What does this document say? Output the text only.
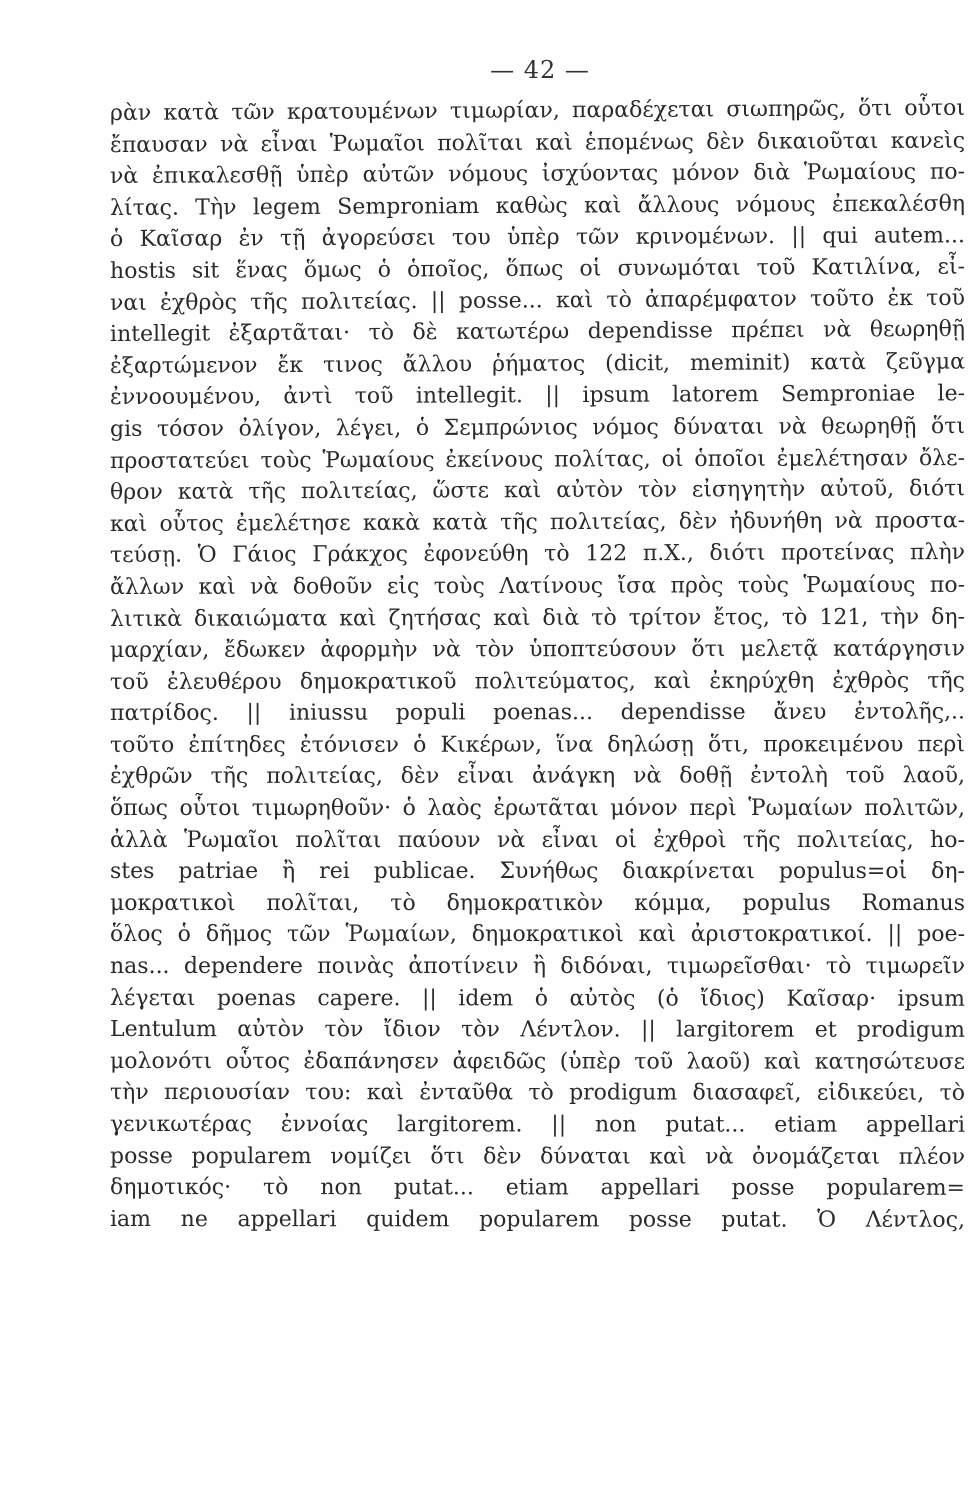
— 42 —
ρὰν κατὰ τῶν κρατουμένων τιμωρίαν, παραδέχεται σιωπηρῶς, ὅτι οὗτοι
ἔπαυσαν νὰ εἶναι Ῥωμαῖοι πολῖται καὶ ἑπομένως δὲν δικαιοῦται κανεὶς
νὰ ἐπικαλεσθῇ ὑπὲρ αὐτῶν νόμους ἰσχύοντας μόνον διὰ Ῥωμαίους πο-
λίτας. Τὴν legem Semproniam καθὼς καὶ ἄλλους νόμους ἐπεκαλέσθη
ὁ Καῖσαρ ἐν τῇ ἀγορεύσει του ὑπὲρ τῶν κρινομένων. || qui autem...
hostis sit ἕνας ὅμως ὁ ὁποῖος, ὅπως οἱ συνωμόται τοῦ Κατιλίνα, εἶ-
ναι ἐχθρὸς τῆς πολιτείας. || posse... καὶ τὸ ἀπαρέμφατον τοῦτο ἐκ τοῦ
intellegit ἐξαρτᾶται· τὸ δὲ κατωτέρω dependisse πρέπει νὰ θεωρηθῇ
ἐξαρτώμενον ἔκ τινος ἄλλου ῥήματος (dicit, meminit) κατὰ ζεῦγμα
ἐννοουμένου, ἀντὶ τοῦ intellegit. || ipsum latorem Semproniae le-
gis τόσον ὀλίγον, λέγει, ὁ Σεμπρώνιος νόμος δύναται νὰ θεωρηθῇ ὅτι
προστατεύει τοὺς Ῥωμαίους ἐκείνους πολίτας, οἱ ὁποῖοι ἐμελέτησαν ὄλε-
θρον κατὰ τῆς πολιτείας, ὥστε καὶ αὐτὸν τὸν εἰσηγητὴν αὐτοῦ, διότι
καὶ οὗτος ἐμελέτησε κακὰ κατὰ τῆς πολιτείας, δὲν ἠδυνήθη νὰ προστα-
τεύσῃ. Ὁ Γάιος Γράκχος ἐφονεύθη τὸ 122 π.Χ., διότι προτείνας πλὴν
ἄλλων καὶ νὰ δοθοῦν εἰς τοὺς Λατίνους ἴσα πρὸς τοὺς Ῥωμαίους πο-
λιτικὰ δικαιώματα καὶ ζητήσας καὶ διὰ τὸ τρίτον ἔτος, τὸ 121, τὴν δη-
μαρχίαν, ἔδωκεν ἀφορμὴν νὰ τὸν ὑποπτεύσουν ὅτι μελετᾷ κατάργησιν
τοῦ ἐλευθέρου δημοκρατικοῦ πολιτεύματος, καὶ ἐκηρύχθη ἐχθρὸς τῆς
πατρίδος. || iniussu populi poenas... dependisse ἄνευ ἐντολῆς,..
τοῦτο ἐπίτηδες ἐτόνισεν ὁ Κικέρων, ἵνα δηλώσῃ ὅτι, προκειμένου περὶ
ἐχθρῶν τῆς πολιτείας, δὲν εἶναι ἀνάγκη νὰ δοθῇ ἐντολὴ τοῦ λαοῦ,
ὅπως οὗτοι τιμωρηθοῦν· ὁ λαὸς ἐρωτᾶται μόνον περὶ Ῥωμαίων πολιτῶν,
ἀλλὰ Ῥωμαῖοι πολῖται παύουν νὰ εἶναι οἱ ἐχθροὶ τῆς πολιτείας, ho-
stes patriae ἢ rei publicae. Συνήθως διακρίνεται populus=οἱ δη-
μοκρατικοὶ πολῖται, τὸ δημοκρατικὸν κόμμα, populus Romanus
ὅλος ὁ δῆμος τῶν Ῥωμαίων, δημοκρατικοὶ καὶ ἀριστοκρατικοί. || poe-
nas... dependere ποινὰς ἀποτίνειν ἢ διδόναι, τιμωρεῖσθαι· τὸ τιμωρεῖν
λέγεται poenas capere. || idem ὁ αὐτὸς (ὁ ἴδιος) Καῖσαρ· ipsum
Lentulum αὐτὸν τὸν ἴδιον τὸν Λέντλον. || largitorem et prodigum
μολονότι οὗτος ἐδαπάνησεν ἀφειδῶς (ὑπὲρ τοῦ λαοῦ) καὶ κατησώτευσε
τὴν περιουσίαν του: καὶ ἐνταῦθα τὸ prodigum διασαφεῖ, εἰδικεύει, τὸ
γενικωτέρας ἐννοίας largitorem. || non putat... etiam appellari
posse popularem νομίζει ὅτι δὲν δύναται καὶ νὰ ὀνομάζεται πλέον
δημοτικός· τὸ non putat... etiam appellari posse popularem=
iam ne appellari quidem popularem posse putat. Ὁ Λέντλος,
